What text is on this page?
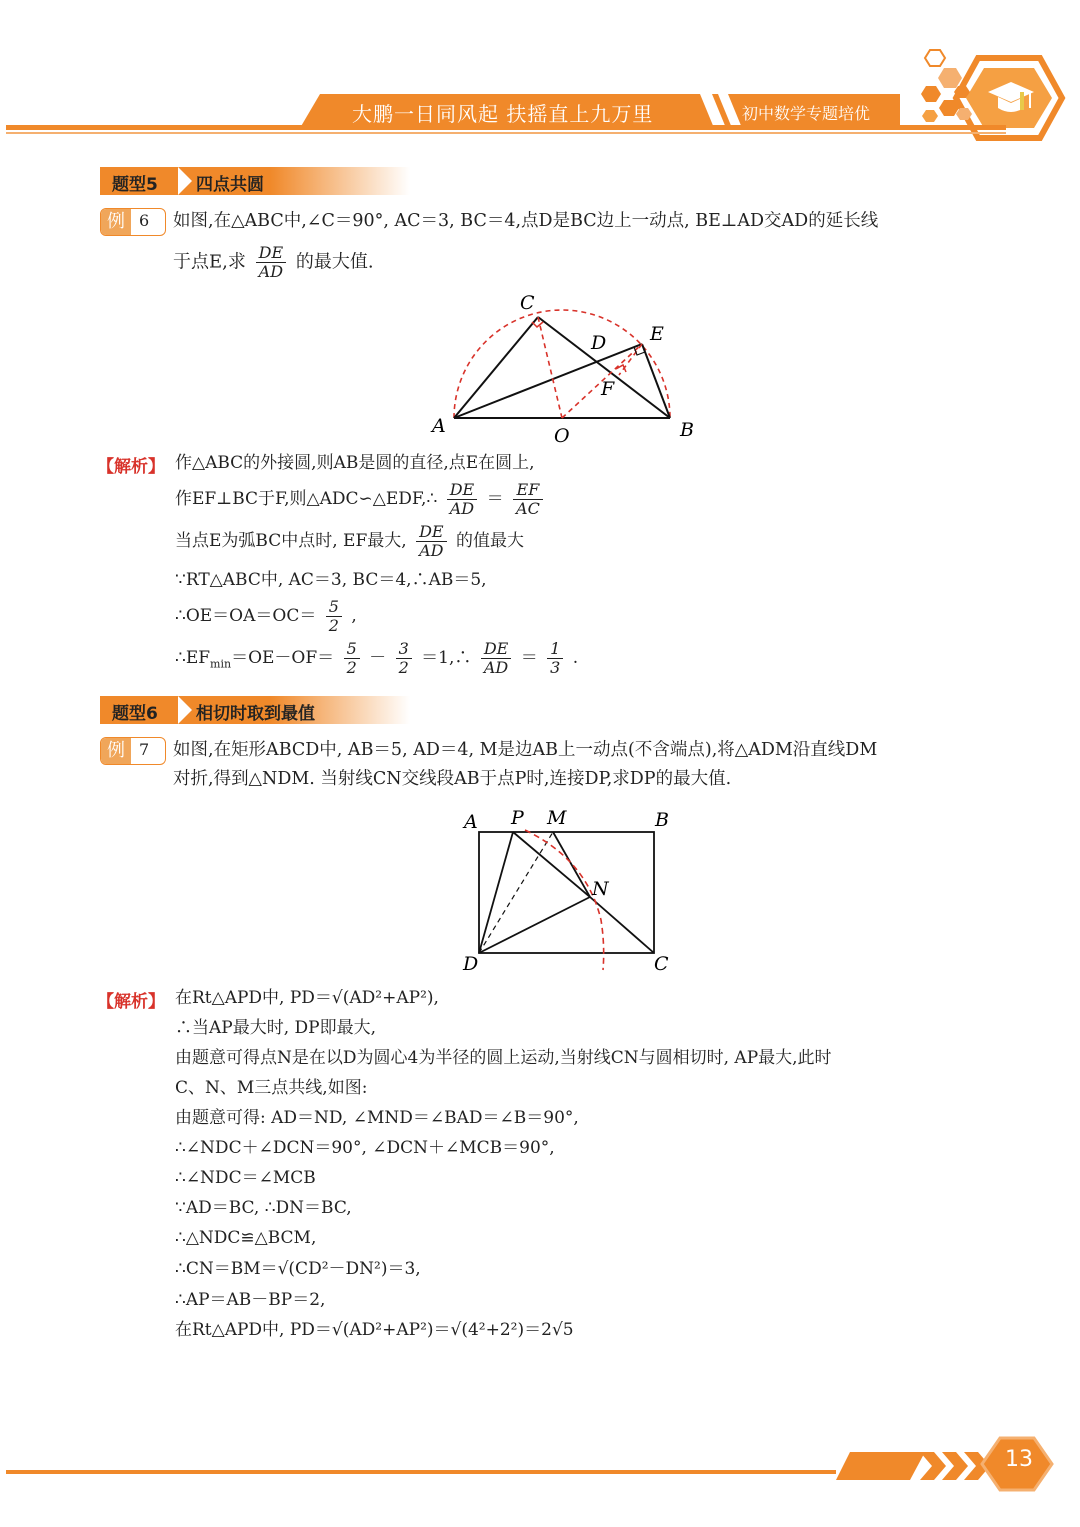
大鹏一日同风起 扶摇直上九万里	初中数学专题培优
题型5 四点共圆
例 6 如图,在△ABC中,∠C＝90°, AC＝3, BC＝4,点D是BC边上一动点, BE⊥AD交AD的延长线
于点E,求 $\frac{DE}{AD}$ 的最大值.
C
E
D
F
A	B
O
【解析】 作△ABC的外接圆,则AB是圆的直径,点E在圆上,
作EF⊥BC于F,则△ADC∽△EDF,∴ $\frac{DE}{AD} = \frac{EF}{AC}$
当点E为弧BC中点时, EF最大, $\frac{DE}{AD}$ 的值最大
∵RT△ABC中, AC＝3, BC＝4,∴AB＝5,
∴OE＝OA＝OC＝ $\frac{5}{2}$ ,
$\therefore EF_{min}=OE-OF= \frac{5}{2} - \frac{3}{2}$ ＝1,∴ $\frac{DE}{AD} = \frac{1}{3}$ .
题型6 相切时取到最值
例 7 如图,在矩形ABCD中, AB＝5, AD＝4, M是边AB上一动点(不含端点),将△ADM沿直线DM
对折,得到△NDM. 当射线CN交线段AB于点P时,连接DP,求DP的最大值.
A P M	B
N
D	C
【解析】 在Rt△APD中, PD＝√(AD²+AP²),
∴当AP最大时, DP即最大,
由题意可得点N是在以D为圆心4为半径的圆上运动,当射线CN与圆相切时, AP最大,此时
C、N、M三点共线,如图:
由题意可得: AD＝ND, ∠MND＝∠BAD＝∠B＝90°,
∴∠NDC＋∠DCN＝90°, ∠DCN＋∠MCB＝90°,
∴∠NDC＝∠MCB
∵AD＝BC, ∴DN＝BC,
∴△NDC≌△BCM,
∴CN＝BM＝√(CD²－DN²)＝3,
∴AP＝AB－BP＝2,
在Rt△APD中, PD＝√(AD²+AP²)＝√(4²+2²)＝2√5
13
